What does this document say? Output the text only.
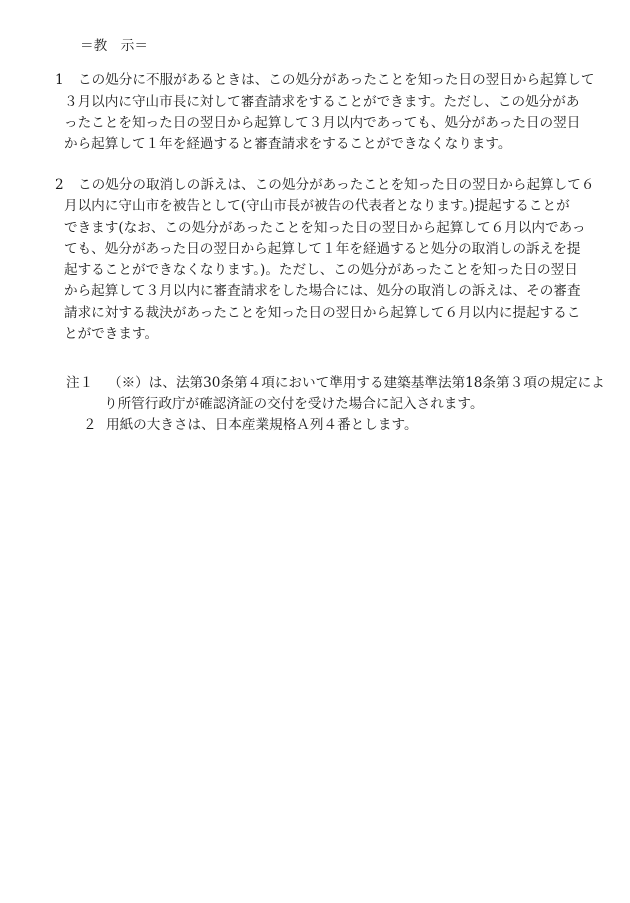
＝教　示＝
1 この処分に不服があるときは、この処分があったことを知った日の翌日から起算して
３月以内に守山市長に対して審査請求をすることができます。ただし、この処分があ
ったことを知った日の翌日から起算して３月以内であっても、処分があった日の翌日
から起算して１年を経過すると審査請求をすることができなくなります。
2 この処分の取消しの訴えは、この処分があったことを知った日の翌日から起算して６
月以内に守山市を被告として(守山市長が被告の代表者となります。)提起することが
できます(なお、この処分があったことを知った日の翌日から起算して６月以内であっ
ても、処分があった日の翌日から起算して１年を経過すると処分の取消しの訴えを提
起することができなくなります。)。ただし、この処分があったことを知った日の翌日
から起算して３月以内に審査請求をした場合には、処分の取消しの訴えは、その審査
請求に対する裁決があったことを知った日の翌日から起算して６月以内に提起するこ
とができます。
注１ （※）は、法第30条第４項において準用する建築基準法第18条第３項の規定によ
り所管行政庁が確認済証の交付を受けた場合に記入されます。
２ 用紙の大きさは、日本産業規格Ａ列４番とします。
